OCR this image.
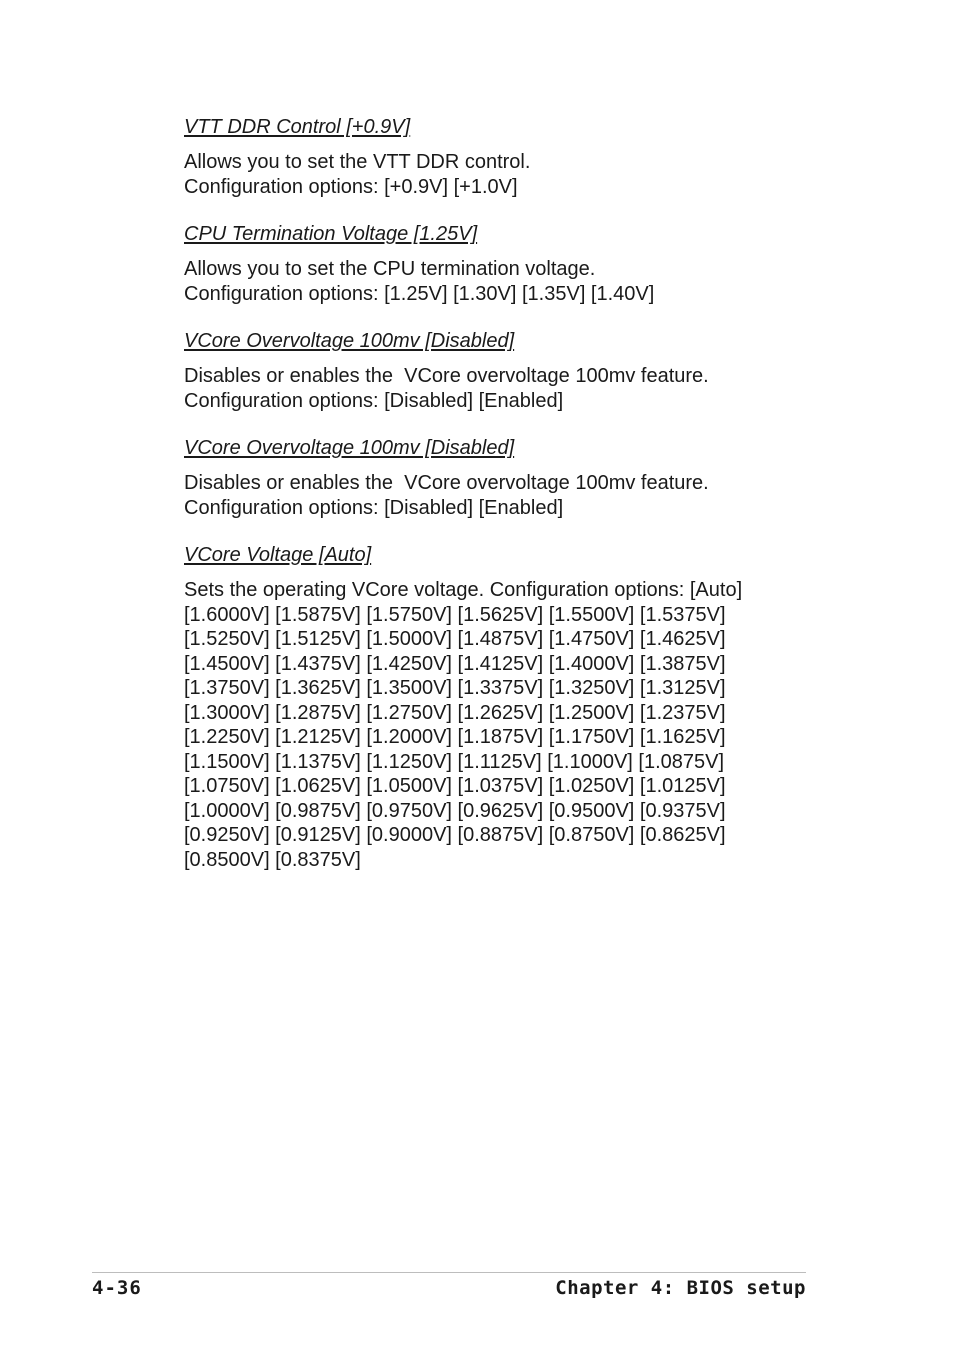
VTT DDR Control [+0.9V]

Allows you to set the VTT DDR control.
Configuration options: [+0.9V] [+1.0V]

CPU Termination Voltage [1.25V]

Allows you to set the CPU termination voltage.
Configuration options: [1.25V] [1.30V] [1.35V] [1.40V]

VCore Overvoltage 100mv [Disabled]

Disables or enables the  VCore overvoltage 100mv feature.
Configuration options: [Disabled] [Enabled]

VCore Overvoltage 100mv [Disabled]

Disables or enables the  VCore overvoltage 100mv feature.
Configuration options: [Disabled] [Enabled]

VCore Voltage [Auto]

Sets the operating VCore voltage. Configuration options: [Auto]
[1.6000V] [1.5875V] [1.5750V] [1.5625V] [1.5500V] [1.5375V]
[1.5250V] [1.5125V] [1.5000V] [1.4875V] [1.4750V] [1.4625V]
[1.4500V] [1.4375V] [1.4250V] [1.4125V] [1.4000V] [1.3875V]
[1.3750V] [1.3625V] [1.3500V] [1.3375V] [1.3250V] [1.3125V]
[1.3000V] [1.2875V] [1.2750V] [1.2625V] [1.2500V] [1.2375V]
[1.2250V] [1.2125V] [1.2000V] [1.1875V] [1.1750V] [1.1625V]
[1.1500V] [1.1375V] [1.1250V] [1.1125V] [1.1000V] [1.0875V]
[1.0750V] [1.0625V] [1.0500V] [1.0375V] [1.0250V] [1.0125V]
[1.0000V] [0.9875V] [0.9750V] [0.9625V] [0.9500V] [0.9375V]
[0.9250V] [0.9125V] [0.9000V] [0.8875V] [0.8750V] [0.8625V]
[0.8500V] [0.8375V]

4-36	Chapter 4: BIOS setup
